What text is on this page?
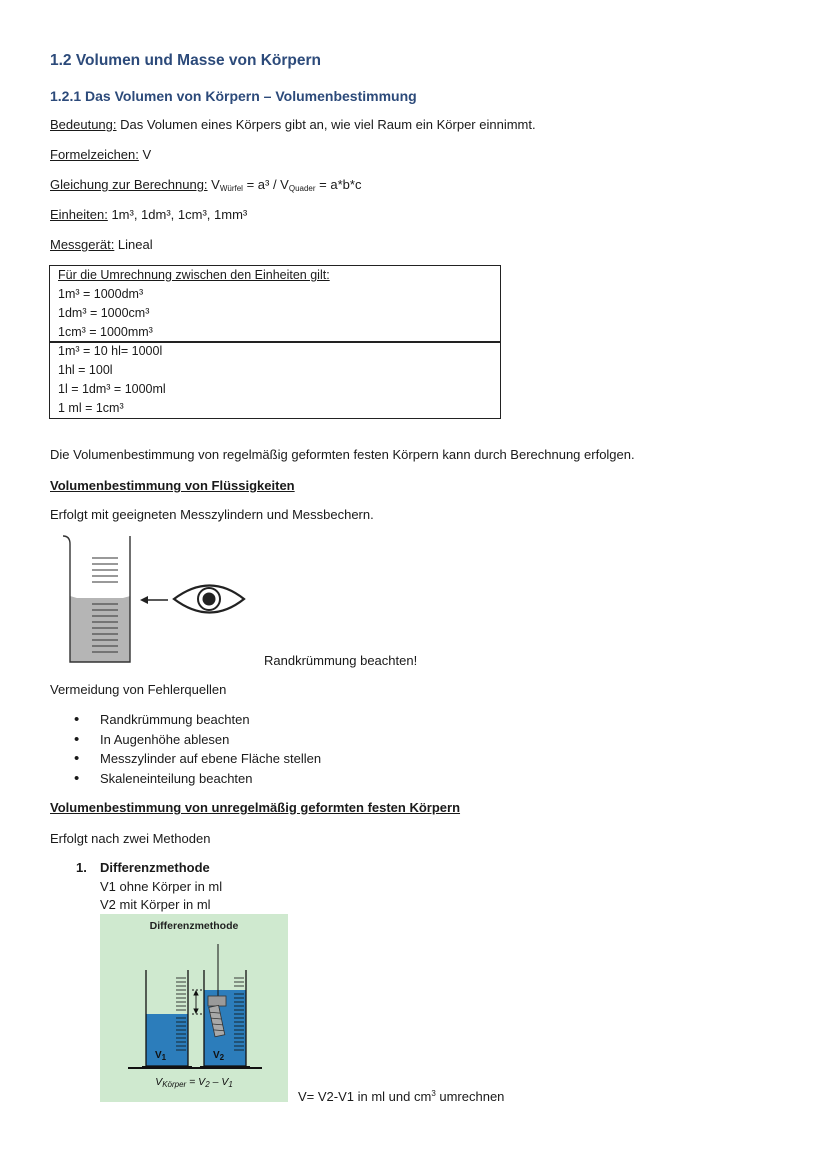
1.2 Volumen und Masse von Körpern
1.2.1 Das Volumen von Körpern – Volumenbestimmung
Bedeutung: Das Volumen eines Körpers gibt an, wie viel Raum ein Körper einnimmt.
Formelzeichen: V
Gleichung zur Berechnung: $V_{Würfel} = a^3 / V_{Quader} = a*b*c$
Einheiten: 1m³, 1dm³, 1cm³, 1mm³
Messgerät: Lineal
Für die Umrechnung zwischen den Einheiten gilt:
1m³ = 1000dm³
1dm³ = 1000cm³
1cm³ = 1000mm³
1m³ = 10 hl= 1000l
1hl = 100l
1l = 1dm³ = 1000ml
1 ml = 1cm³
Die Volumenbestimmung von regelmäßig geformten festen Körpern kann durch Berechnung erfolgen.
Volumenbestimmung von Flüssigkeiten
Erfolgt mit geeigneten Messzylindern und Messbechern.
Randkrümmung beachten!
Vermeidung von Fehlerquellen
• Randkrümmung beachten
• In Augenhöhe ablesen
• Messzylinder auf ebene Fläche stellen
• Skaleneinteilung beachten
Volumenbestimmung von unregelmäßig geformten festen Körpern
Erfolgt nach zwei Methoden
1. Differenzmethode
V1 ohne Körper in ml
V2 mit Körper in ml
Differenzmethode
$V_1$	$V_2$
$V_{Körper} = V_2 - V_1$
V= V2-V1 in ml und $cm^3$ umrechnen
